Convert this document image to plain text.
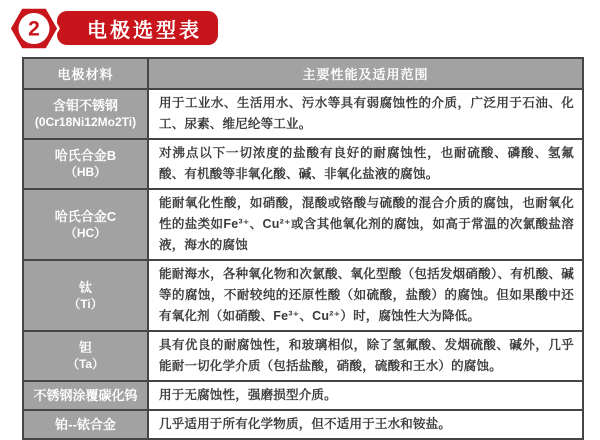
电极选型表
2
电极材料	主要性能及适用范围

含钼不锈钢
(0Cr18Ni12Mo2Ti)	用于工业水、生活用水、污水等具有弱腐蚀性的介质，广泛用于石油、化工、尿素、维尼纶等工业。

哈氏合金B
（HB）	对沸点以下一切浓度的盐酸有良好的耐腐蚀性，也耐硫酸、磷酸、氢氟酸、有机酸等非氧化酸、碱、非氧化盐液的腐蚀。

哈氏合金C
（HC）	能耐氧化性酸，如硝酸，混酸或铬酸与硫酸的混合介质的腐蚀，也耐氧化性的盐类如Fe³⁺、Cu²⁺或含其他氧化剂的腐蚀，如高于常温的次氯酸盐溶液，海水的腐蚀

钛
（Ti）	能耐海水，各种氧化物和次氯酸、氧化型酸（包括发烟硝酸）、有机酸、碱等的腐蚀，不耐较纯的还原性酸（如硫酸，盐酸）的腐蚀。但如果酸中还有氧化剂（如硝酸、Fe³⁺、Cu²⁺）时，腐蚀性大为降低。

钽
（Ta）	具有优良的耐腐蚀性，和玻璃相似，除了氢氟酸、发烟硫酸、碱外，几乎能耐一切化学介质（包括盐酸，硝酸，硫酸和王水）的腐蚀。

不锈钢涂覆碳化钨	用于无腐蚀性，强磨损型介质。

铂--铱合金	几乎适用于所有化学物质，但不适用于王水和铵盐。
